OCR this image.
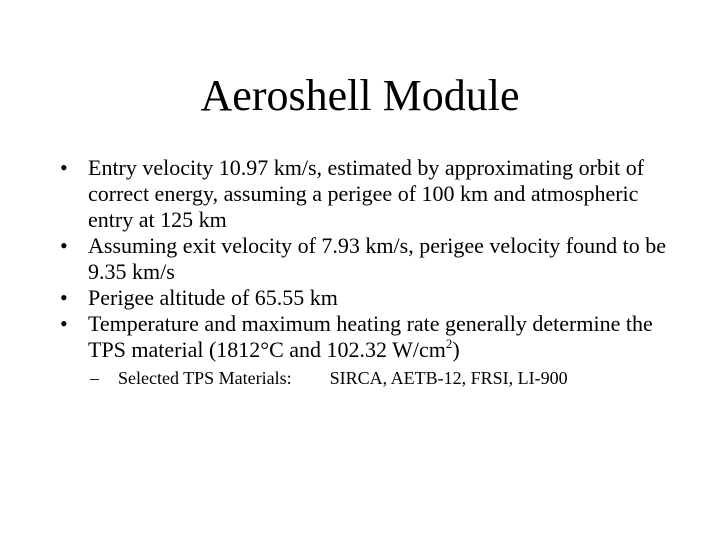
Aeroshell Module
• Entry velocity 10.97 km/s, estimated by approximating orbit of correct energy, assuming a perigee of 100 km and atmospheric entry at 125 km
• Assuming exit velocity of 7.93 km/s, perigee velocity found to be 9.35 km/s
• Perigee altitude of 65.55 km
• Temperature and maximum heating rate generally determine the TPS material (1812°C and 102.32 $W/cm^2$)
– Selected TPS Materials: SIRCA, AETB-12, FRSI, LI-900
